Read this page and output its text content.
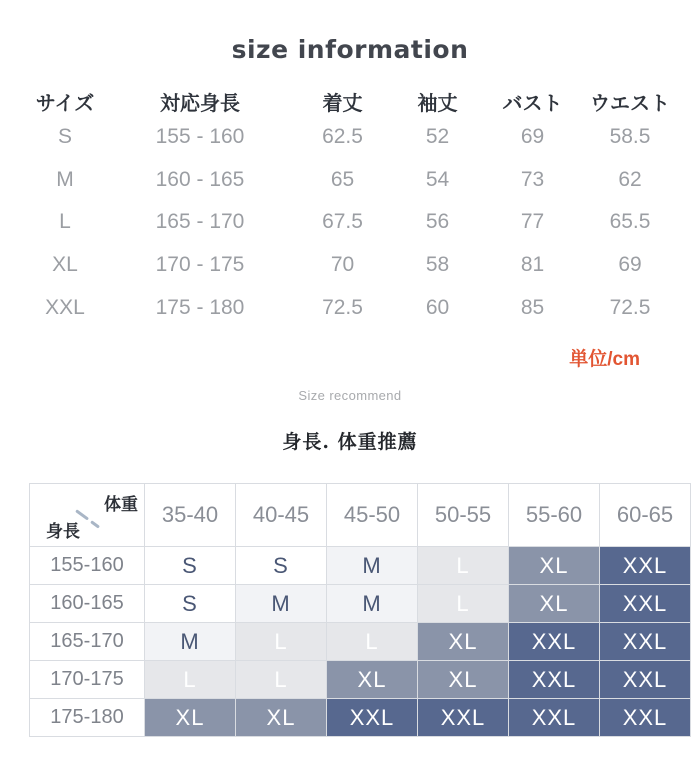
size information
サイズ	対応身長	着丈	袖丈	バスト	ウエスト
S	155 - 160	62.5	52	69	58.5
M	160 - 165	65	54	73	62
L	165 - 170	67.5	56	77	65.5
XL	170 - 175	70	58	81	69
XXL	175 - 180	72.5	60	85	72.5
単位/cm
Size recommend
身長. 体重推薦
体重
身長
35-40	40-45	45-50	50-55	55-60	60-65
155-160	S	S	M	L	XL	XXL
160-165	S	M	M	L	XL	XXL
165-170	M	L	L	XL	XXL	XXL
170-175	L	L	XL	XL	XXL	XXL
175-180	XL	XL	XXL	XXL	XXL	XXL
